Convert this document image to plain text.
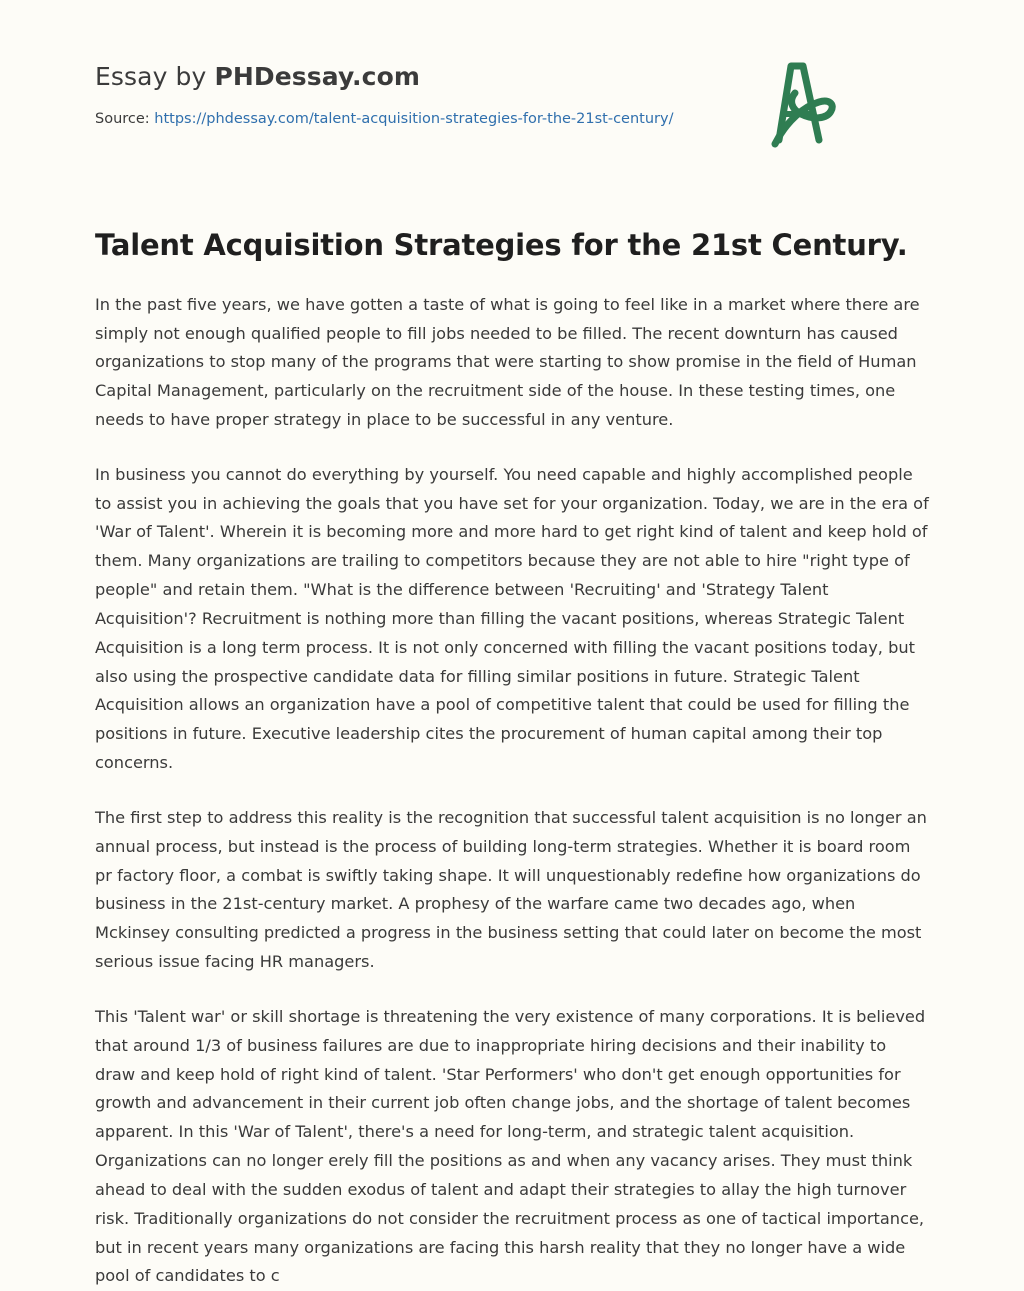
Essay by PHDessay.com
Source: https://phdessay.com/talent-acquisition-strategies-for-the-21st-century/
Talent Acquisition Strategies for the 21st Century.

In the past five years, we have gotten a taste of what is going to feel like in a market where there are simply not enough qualified people to fill jobs needed to be filled. The recent downturn has caused organizations to stop many of the programs that were starting to show promise in the field of Human Capital Management, particularly on the recruitment side of the house. In these testing times, one needs to have proper strategy in place to be successful in any venture.

In business you cannot do everything by yourself. You need capable and highly accomplished people to assist you in achieving the goals that you have set for your organization. Today, we are in the era of 'War of Talent'. Wherein it is becoming more and more hard to get right kind of talent and keep hold of them. Many organizations are trailing to competitors because they are not able to hire "right type of people" and retain them. "What is the difference between 'Recruiting' and 'Strategy Talent Acquisition'? Recruitment is nothing more than filling the vacant positions, whereas Strategic Talent Acquisition is a long term process. It is not only concerned with filling the vacant positions today, but also using the prospective candidate data for filling similar positions in future. Strategic Talent Acquisition allows an organization have a pool of competitive talent that could be used for filling the positions in future. Executive leadership cites the procurement of human capital among their top concerns.

The first step to address this reality is the recognition that successful talent acquisition is no longer an annual process, but instead is the process of building long-term strategies. Whether it is board room pr factory floor, a combat is swiftly taking shape. It will unquestionably redefine how organizations do business in the 21st-century market. A prophesy of the warfare came two decades ago, when Mckinsey consulting predicted a progress in the business setting that could later on become the most serious issue facing HR managers.

This 'Talent war' or skill shortage is threatening the very existence of many corporations. It is believed that around 1/3 of business failures are due to inappropriate hiring decisions and their inability to draw and keep hold of right kind of talent. 'Star Performers' who don't get enough opportunities for growth and advancement in their current job often change jobs, and the shortage of talent becomes apparent. In this 'War of Talent', there's a need for long-term, and strategic talent acquisition. Organizations can no longer erely fill the positions as and when any vacancy arises. They must think ahead to deal with the sudden exodus of talent and adapt their strategies to allay the high turnover risk. Traditionally organizations do not consider the recruitment process as one of tactical importance, but in recent years many organizations are facing this harsh reality that they no longer have a wide pool of candidates to c
